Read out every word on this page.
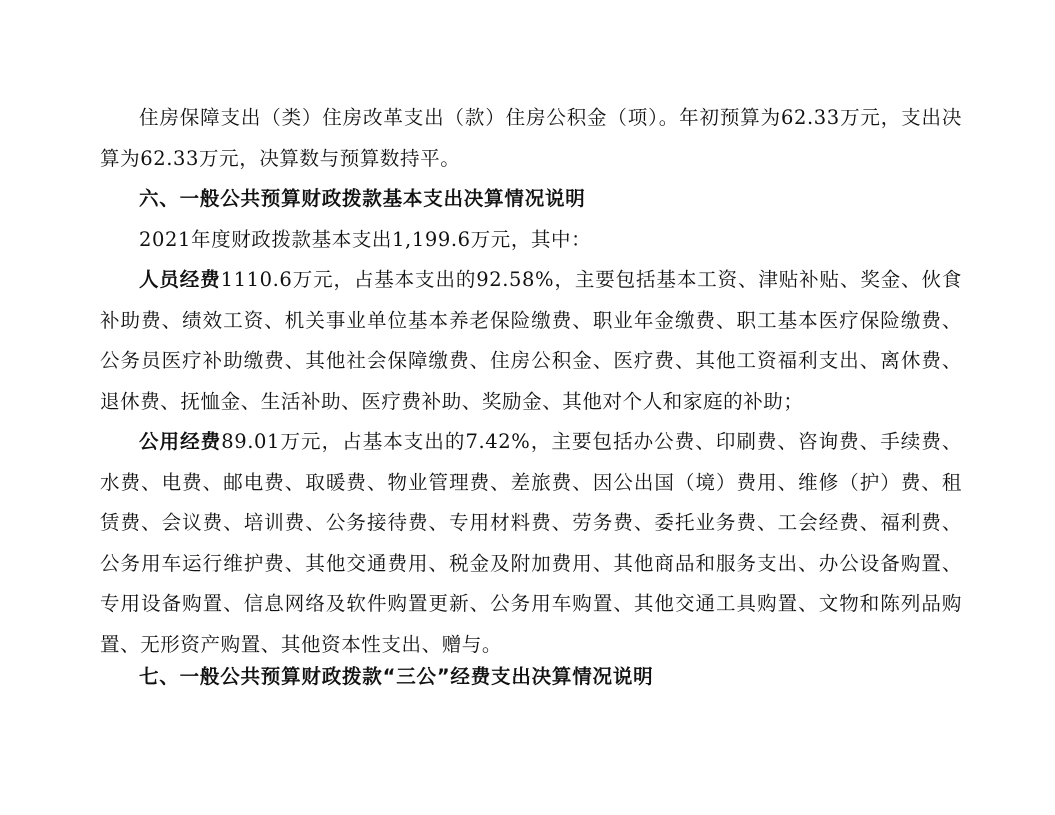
住房保障支出（类）住房改革支出（款）住房公积金（项）。年初预算为62.33万元，支出决算为62.33万元，决算数与预算数持平。

六、一般公共预算财政拨款基本支出决算情况说明

2021年度财政拨款基本支出1,199.6万元，其中：

人员经费1110.6万元，占基本支出的92.58%，主要包括基本工资、津贴补贴、奖金、伙食补助费、绩效工资、机关事业单位基本养老保险缴费、职业年金缴费、职工基本医疗保险缴费、公务员医疗补助缴费、其他社会保障缴费、住房公积金、医疗费、其他工资福利支出、离休费、退休费、抚恤金、生活补助、医疗费补助、奖励金、其他对个人和家庭的补助；

公用经费89.01万元，占基本支出的7.42%，主要包括办公费、印刷费、咨询费、手续费、水费、电费、邮电费、取暖费、物业管理费、差旅费、因公出国（境）费用、维修（护）费、租赁费、会议费、培训费、公务接待费、专用材料费、劳务费、委托业务费、工会经费、福利费、公务用车运行维护费、其他交通费用、税金及附加费用、其他商品和服务支出、办公设备购置、专用设备购置、信息网络及软件购置更新、公务用车购置、其他交通工具购置、文物和陈列品购置、无形资产购置、其他资本性支出、赠与。

七、一般公共预算财政拨款“三公”经费支出决算情况说明
